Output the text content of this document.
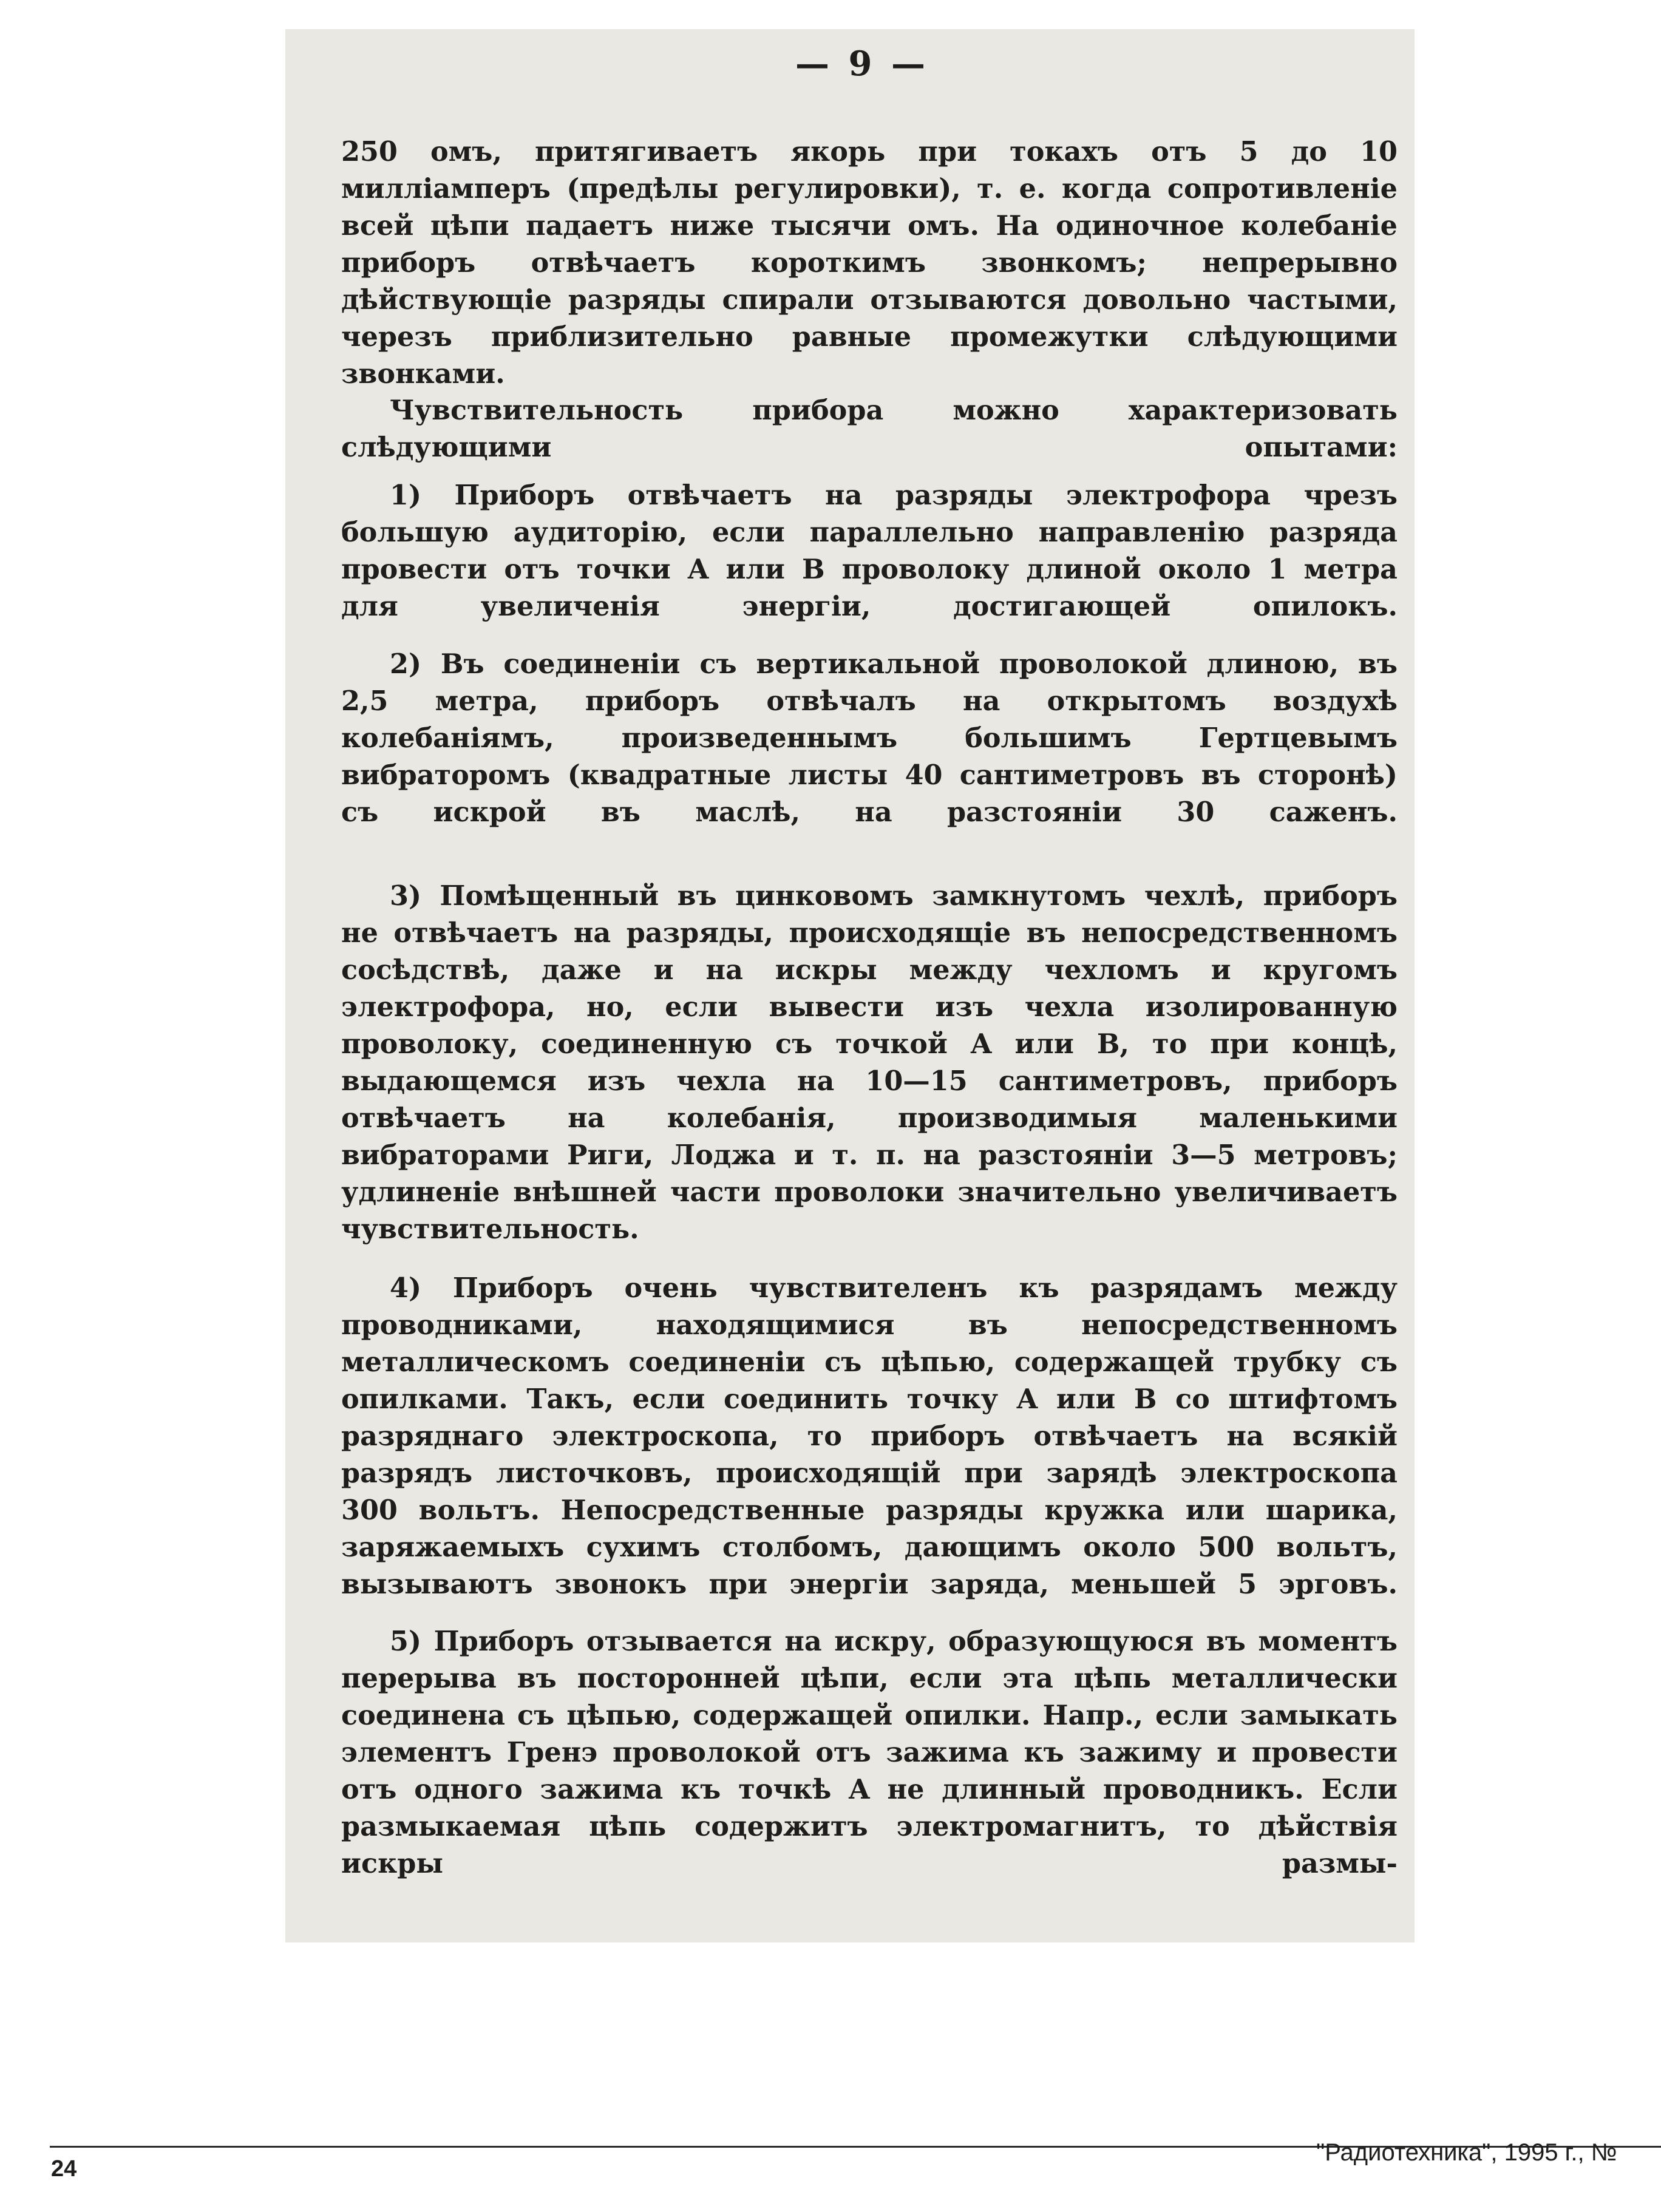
— 9 —

250 омъ, притягиваетъ якорь при токахъ отъ 5 до 10 миллiамперъ (предѣлы регулировки), т. е. когда сопротивленiе всей цѣпи падаетъ ниже тысячи омъ. На одиночное колебанiе приборъ отвѣчаетъ короткимъ звонкомъ; непрерывно дѣйствующiе разряды спирали отзываются довольно частыми, черезъ приблизительно равные промежутки слѣдующими звонками.

Чувствительность прибора можно характеризовать слѣдующими опытами:

1) Приборъ отвѣчаетъ на разряды электрофора чрезъ большую аудиторiю, если параллельно направленiю разряда провести отъ точки A или B проволоку длиной около 1 метра для увеличенiя энергiи, достигающей опилокъ.

2) Въ соединенiи съ вертикальной проволокой длиною, въ 2,5 метра, приборъ отвѣчалъ на открытомъ воздухѣ колебанiямъ, произведеннымъ большимъ Гертцевымъ вибраторомъ (квадратные листы 40 сантиметровъ въ сторонѣ) съ искрой въ маслѣ, на разстоянiи 30 саженъ.

3) Помѣщенный въ цинковомъ замкнутомъ чехлѣ, приборъ не отвѣчаетъ на разряды, происходящiе въ непосредственномъ сосѣдствѣ, даже и на искры между чехломъ и кругомъ электрофора, но, если вывести изъ чехла изолированную проволоку, соединенную съ точкой A или B, то при концѣ, выдающемся изъ чехла на 10—15 сантиметровъ, приборъ отвѣчаетъ на колебанiя, производимыя маленькими вибраторами Риги, Лоджа и т. п. на разстоянiи 3—5 метровъ; удлиненiе внѣшней части проволоки значительно увеличиваетъ чувствительность.

4) Приборъ очень чувствителенъ къ разрядамъ между проводниками, находящимися въ непосредственномъ металлическомъ соединенiи съ цѣпью, содержащей трубку съ опилками. Такъ, если соединить точку A или B со штифтомъ разряднаго электроскопа, то приборъ отвѣчаетъ на всякiй разрядъ листочковъ, происходящiй при зарядѣ электроскопа 300 вольтъ. Непосредственные разряды кружка или шарика, заряжаемыхъ сухимъ столбомъ, дающимъ около 500 вольтъ, вызываютъ звонокъ при энергiи заряда, меньшей 5 эрговъ.

5) Приборъ отзывается на искру, образующуюся въ моментъ перерыва въ посторонней цѣпи, если эта цѣпь металлически соединена съ цѣпью, содержащей опилки. Напр., если замыкать элементъ Гренэ проволокой отъ зажима къ зажиму и провести отъ одного зажима къ точкѣ A не длинный проводникъ. Если размыкаемая цѣпь содержитъ электромагнитъ, то дѣйствiя искры размы-

24
"Радиотехника", 1995 г., №
